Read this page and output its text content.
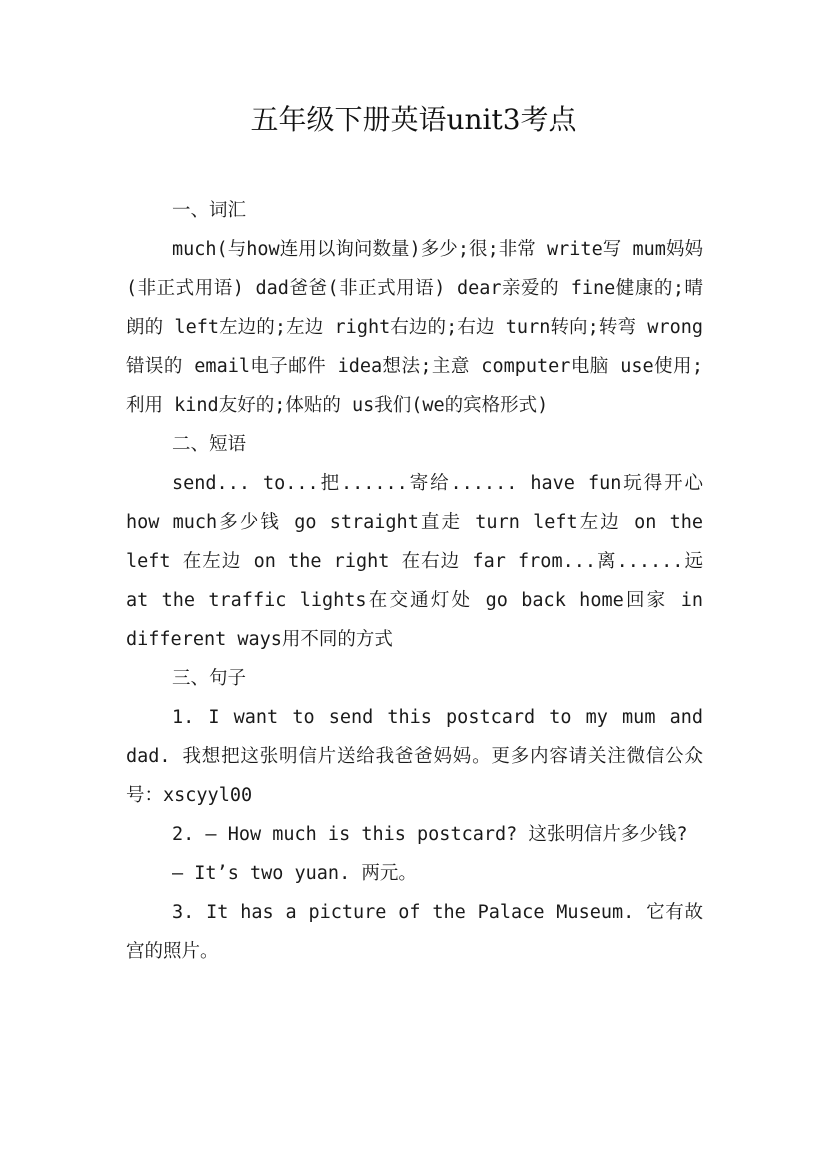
五年级下册英语unit3考点

一、词汇

much(与how连用以询问数量)多少;很;非常 write写 mum妈妈(非正式用语) dad爸爸(非正式用语) dear亲爱的 fine健康的;晴朗的 left左边的;左边 right右边的;右边 turn转向;转弯 wrong错误的 email电子邮件 idea想法;主意 computer电脑 use使用;利用 kind友好的;体贴的 us我们(we的宾格形式)

二、短语

send... to...把......寄给...... have fun玩得开心 how much多少钱 go straight直走 turn left左边 on the left 在左边 on the right 在右边 far from...离......远 at the traffic lights在交通灯处 go back home回家 in different ways用不同的方式

三、句子

1. I want to send this postcard to my mum and dad. 我想把这张明信片送给我爸爸妈妈。更多内容请关注微信公众号：xscyyl00

2. — How much is this postcard? 这张明信片多少钱?

— It’s two yuan. 两元。

3. It has a picture of the Palace Museum. 它有故宫的照片。
